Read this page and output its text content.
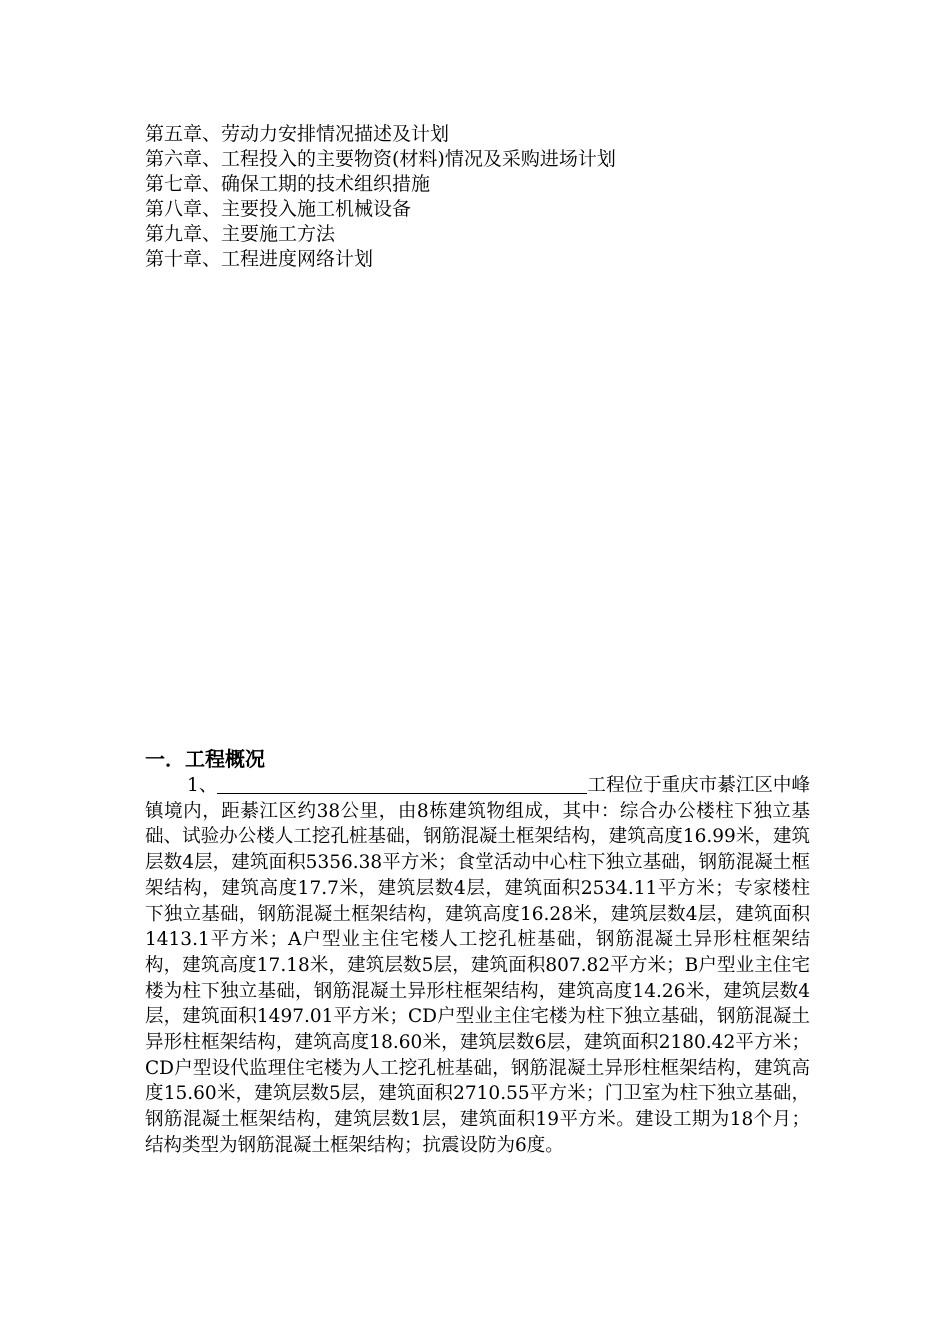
第五章、劳动力安排情况描述及计划
第六章、工程投入的主要物资(材料)情况及采购进场计划
第七章、确保工期的技术组织措施
第八章、主要投入施工机械设备
第九章、主要施工方法
第十章、工程进度网络计划
一．工程概况

1、	工程位于重庆市綦江区中峰镇境内，距綦江区约38公里，由8栋建筑物组成，其中：综合办公楼柱下独立基础、试验办公楼人工挖孔桩基础，钢筋混凝土框架结构，建筑高度16.99米，建筑层数4层，建筑面积5356.38平方米；食堂活动中心柱下独立基础，钢筋混凝土框架结构，建筑高度17.7米，建筑层数4层，建筑面积2534.11平方米；专家楼柱下独立基础，钢筋混凝土框架结构，建筑高度16.28米，建筑层数4层，建筑面积1413.1平方米；A户型业主住宅楼人工挖孔桩基础，钢筋混凝土异形柱框架结构，建筑高度17.18米，建筑层数5层，建筑面积807.82平方米；B户型业主住宅楼为柱下独立基础，钢筋混凝土异形柱框架结构，建筑高度14.26米，建筑层数4层，建筑面积1497.01平方米；CD户型业主住宅楼为柱下独立基础，钢筋混凝土异形柱框架结构，建筑高度18.60米，建筑层数6层，建筑面积2180.42平方米；CD户型设代监理住宅楼为人工挖孔桩基础，钢筋混凝土异形柱框架结构，建筑高度15.60米，建筑层数5层，建筑面积2710.55平方米；门卫室为柱下独立基础，钢筋混凝土框架结构，建筑层数1层，建筑面积19平方米。建设工期为18个月；结构类型为钢筋混凝土框架结构；抗震设防为6度。
